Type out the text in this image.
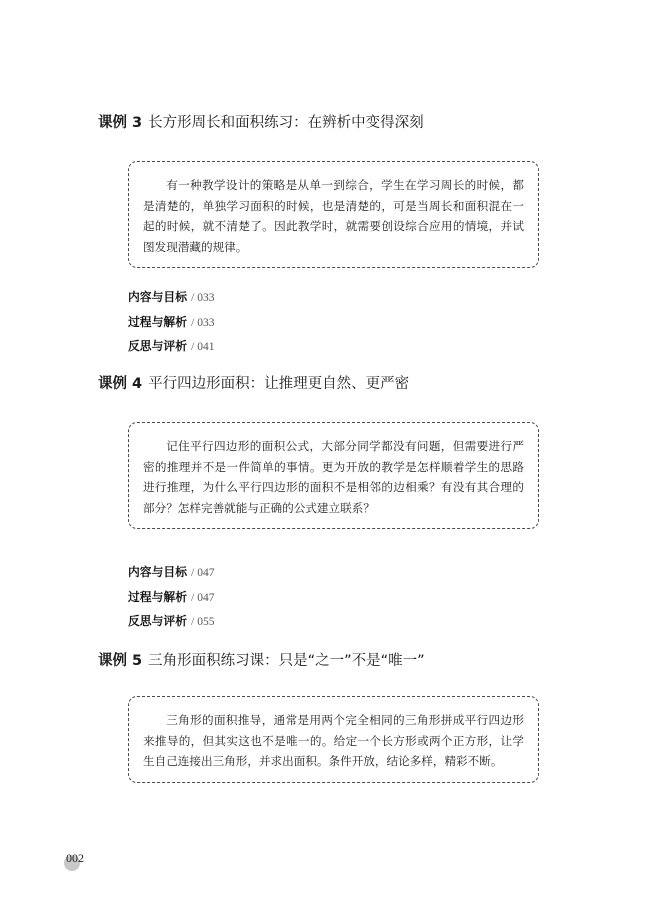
课例 3 长方形周长和面积练习：在辨析中变得深刻

有一种教学设计的策略是从单一到综合，学生在学习周长的时候，都是清楚的，单独学习面积的时候，也是清楚的，可是当周长和面积混在一起的时候，就不清楚了。因此教学时，就需要创设综合应用的情境，并试图发现潜藏的规律。

内容与目标 / 033
过程与解析 / 033
反思与评析 / 041
课例 4 平行四边形面积：让推理更自然、更严密

记住平行四边形的面积公式，大部分同学都没有问题，但需要进行严密的推理并不是一件简单的事情。更为开放的教学是怎样顺着学生的思路进行推理，为什么平行四边形的面积不是相邻的边相乘？有没有其合理的部分？怎样完善就能与正确的公式建立联系？

内容与目标 / 047
过程与解析 / 047
反思与评析 / 055
课例 5 三角形面积练习课：只是“之一”不是“唯一”

三角形的面积推导，通常是用两个完全相同的三角形拼成平行四边形来推导的，但其实这也不是唯一的。给定一个长方形或两个正方形，让学生自己连接出三角形，并求出面积。条件开放，结论多样，精彩不断。

002
